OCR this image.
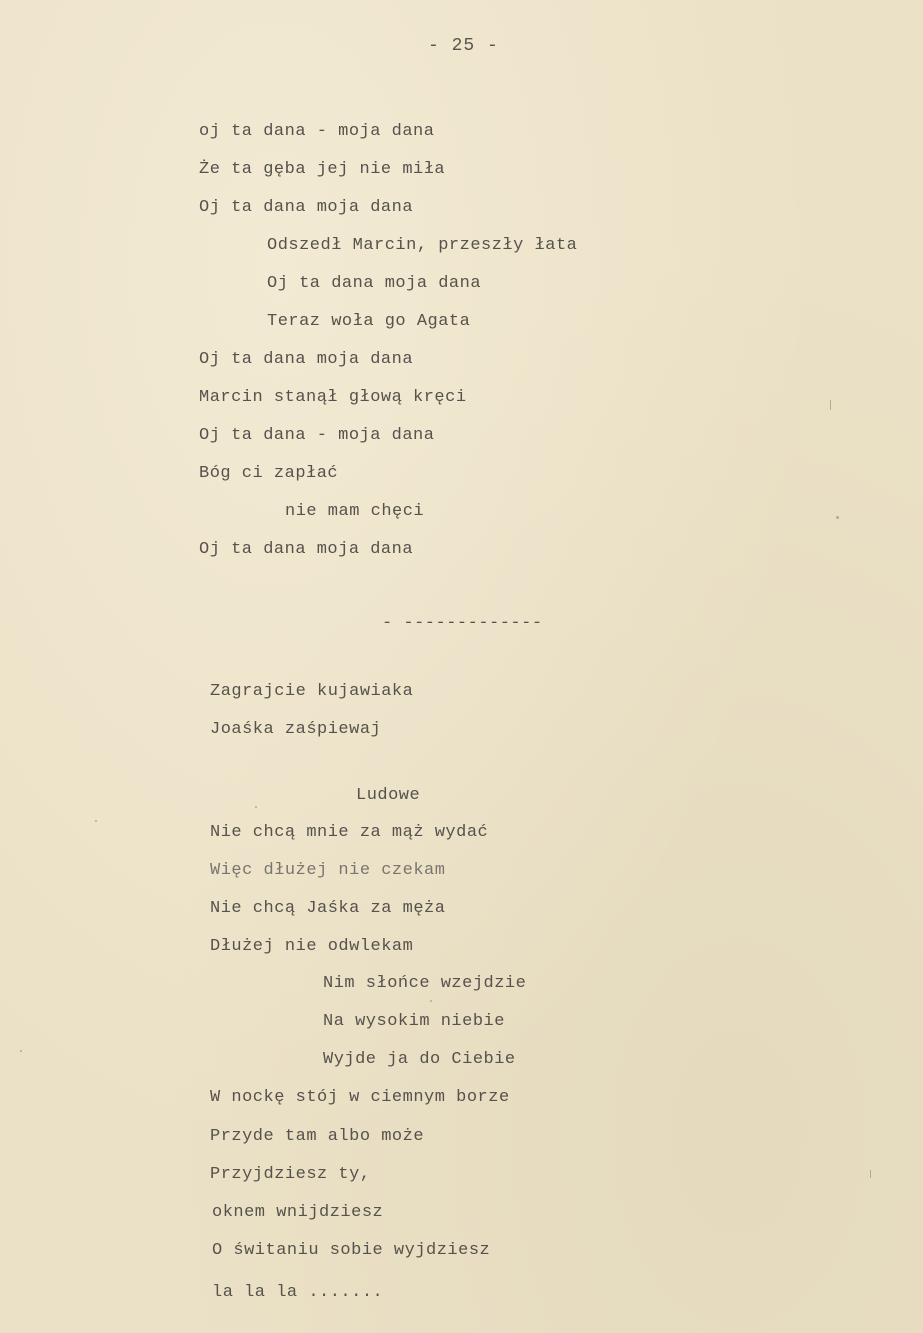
- 25 -
oj ta dana - moja dana
Że ta gęba jej nie miła
Oj ta dana moja dana
Odszedł Marcin, przeszły łata
Oj ta dana moja dana
Teraz woła go Agata
Oj ta dana moja dana
Marcin stanął głową kręci
Oj ta dana - moja dana
Bóg ci zapłać
nie mam chęci
Oj ta dana moja dana
- -------------
Zagrajcie kujawiaka
Joaśka zaśpiewaj
Ludowe
Nie chcą mnie za mąż wydać
Więc dłużej nie czekam
Nie chcą Jaśka za męża
Dłużej nie odwlekam
Nim słońce wzejdzie
Na wysokim niebie
Wyjde ja do Ciebie
W nockę stój w ciemnym borze
Przyde tam albo może
Przyjdziesz ty,
oknem wnijdziesz
O świtaniu sobie wyjdziesz
la la la .......
